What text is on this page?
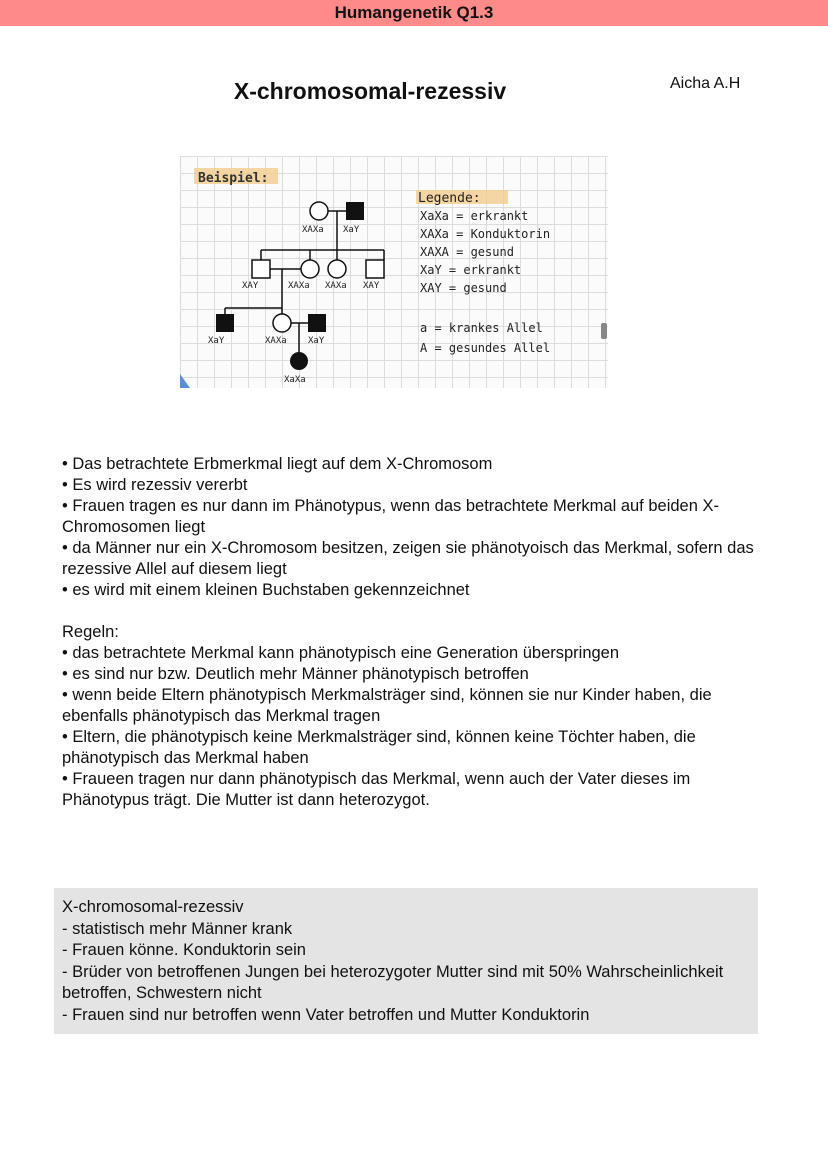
Humangenetik Q1.3
X-chromosomal-rezessiv	Aicha A.H
Beispiel:
XAXa XaY
XAY	XAXa XAXa XAY
XaY	XAXa XaY
XaXa
Legende:
XaXa = erkrankt
XAXa = Konduktorin
XAXA = gesund
XaY = erkrankt
XAY = gesund
a = krankes Allel
A = gesundes Allel
• Das betrachtete Erbmerkmal liegt auf dem X-Chromosom
• Es wird rezessiv vererbt
• Frauen tragen es nur dann im Phänotypus, wenn das betrachtete Merkmal auf beiden X-Chromosomen liegt
• da Männer nur ein X-Chromosom besitzen, zeigen sie phänotyoisch das Merkmal, sofern das rezessive Allel auf diesem liegt
• es wird mit einem kleinen Buchstaben gekennzeichnet
Regeln:
• das betrachtete Merkmal kann phänotypisch eine Generation überspringen
• es sind nur bzw. Deutlich mehr Männer phänotypisch betroffen
• wenn beide Eltern phänotypisch Merkmalsträger sind, können sie nur Kinder haben, die ebenfalls phänotypisch das Merkmal tragen
• Eltern, die phänotypisch keine Merkmalsträger sind, können keine Töchter haben, die phänotypisch das Merkmal haben
• Fraueen tragen nur dann phänotypisch das Merkmal, wenn auch der Vater dieses im Phänotypus trägt. Die Mutter ist dann heterozygot.
X-chromosomal-rezessiv
- statistisch mehr Männer krank
- Frauen könne. Konduktorin sein
- Brüder von betroffenen Jungen bei heterozygoter Mutter sind mit 50% Wahrscheinlichkeit betroffen, Schwestern nicht
- Frauen sind nur betroffen wenn Vater betroffen und Mutter Konduktorin
